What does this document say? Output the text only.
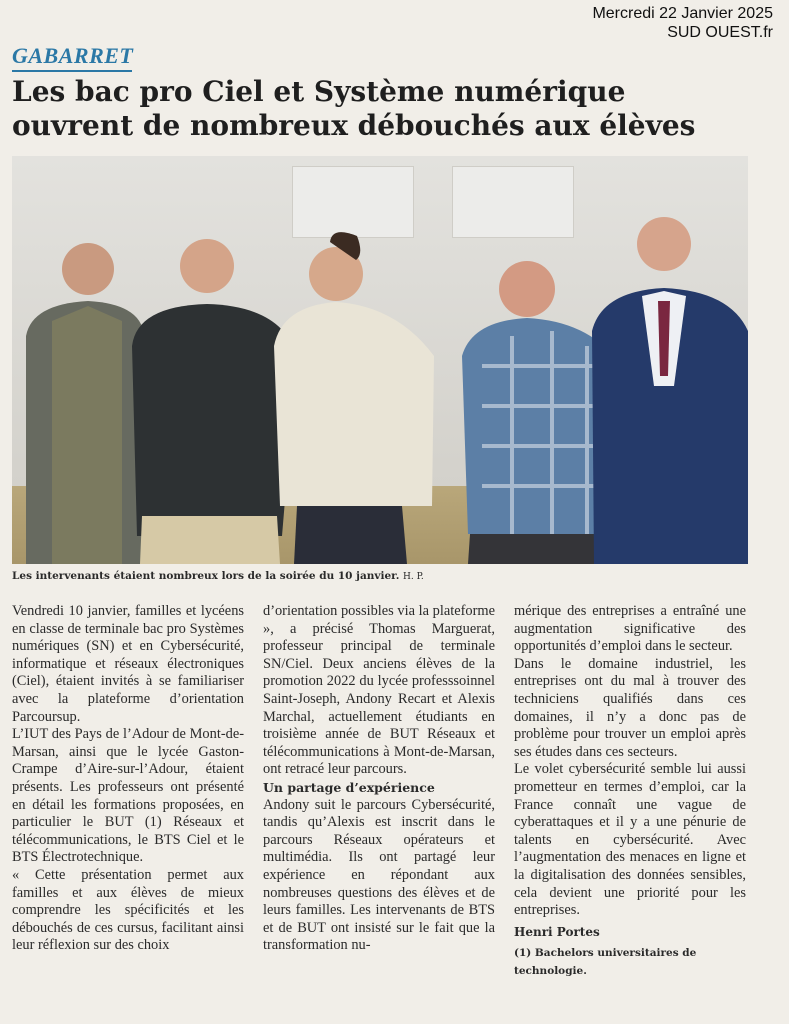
Mercredi 22 Janvier 2025
SUD OUEST.fr
GABARRET
Les bac pro Ciel et Système numérique
ouvrent de nombreux débouchés aux élèves
Les intervenants étaient nombreux lors de la soirée du 10 janvier. H. P.

Vendredi 10 janvier, familles et lycéens en classe de terminale bac pro Systèmes numériques (SN) et en Cybersécurité, informatique et réseaux électroniques (Ciel), étaient invités à se familiariser avec la plateforme d’orientation Parcoursup.

L’IUT des Pays de l’Adour de Mont-de-Marsan, ainsi que le lycée Gaston-Crampe d’Aire-sur-l’Adour, étaient présents. Les professeurs ont présenté en détail les formations proposées, en particulier le BUT (1) Réseaux et télécommunications, le BTS Ciel et le BTS Électrotechnique.

« Cette présentation permet aux familles et aux élèves de mieux comprendre les spécificités et les débouchés de ces cursus, facilitant ainsi leur réflexion sur des choix

d’orientation possibles via la plateforme », a précisé Thomas Marguerat, professeur principal de terminale SN/Ciel. Deux anciens élèves de la promotion 2022 du lycée professsoinnel Saint-Joseph, Andony Recart et Alexis Marchal, actuellement étudiants en troisième année de BUT Réseaux et télécommunications à Mont-de-Marsan, ont retracé leur parcours.

Un partage d’expérience

Andony suit le parcours Cybersécurité, tandis qu’Alexis est inscrit dans le parcours Réseaux opérateurs et multimédia. Ils ont partagé leur expérience en répondant aux nombreuses questions des élèves et de leurs familles. Les intervenants de BTS et de BUT ont insisté sur le fait que la transformation nu-

mérique des entreprises a entraîné une augmentation significative des opportunités d’emploi dans le secteur.

Dans le domaine industriel, les entreprises ont du mal à trouver des techniciens qualifiés dans ces domaines, il n’y a donc pas de problème pour trouver un emploi après ses études dans ces secteurs.

Le volet cybersécurité semble lui aussi prometteur en termes d’emploi, car la France connaît une vague de cyberattaques et il y a une pénurie de talents en cybersécurité. Avec l’augmentation des menaces en ligne et la digitalisation des données sensibles, cela devient une priorité pour les entreprises.

Henri Portes

(1) Bachelors universitaires de technologie.
